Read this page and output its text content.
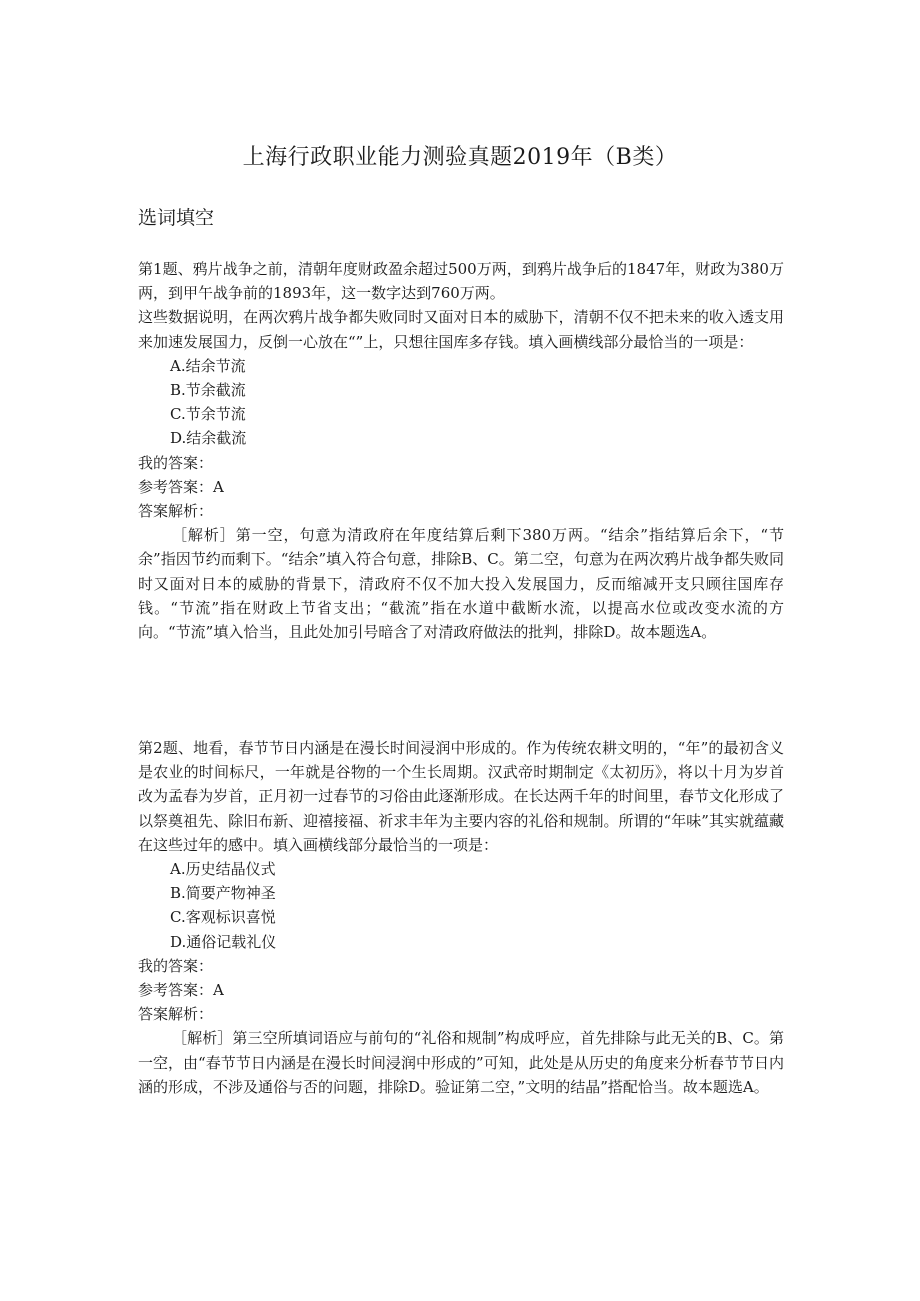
上海行政职业能力测验真题2019年（B类）
选词填空

第1题、鸦片战争之前，清朝年度财政盈余超过500万两，到鸦片战争后的1847年，财政为380万两，到甲午战争前的1893年，这一数字达到760万两。

这些数据说明，在两次鸦片战争都失败同时又面对日本的威胁下，清朝不仅不把未来的收入透支用来加速发展国力，反倒一心放在“”上，只想往国库多存钱。填入画横线部分最恰当的一项是：

A.结余节流
B.节余截流
C.节余节流
D.结余截流

我的答案：

参考答案：A

答案解析：

［解析］第一空，句意为清政府在年度结算后剩下380万两。“结余”指结算后余下，“节余”指因节约而剩下。“结余”填入符合句意，排除B、C。第二空，句意为在两次鸦片战争都失败同时又面对日本的威胁的背景下，清政府不仅不加大投入发展国力，反而缩减开支只顾往国库存钱。“节流”指在财政上节省支出；“截流”指在水道中截断水流，以提高水位或改变水流的方向。“节流”填入恰当，且此处加引号暗含了对清政府做法的批判，排除D。故本题选A。

第2题、地看，春节节日内涵是在漫长时间浸润中形成的。作为传统农耕文明的，“年”的最初含义是农业的时间标尺，一年就是谷物的一个生长周期。汉武帝时期制定《太初历》，将以十月为岁首改为孟春为岁首，正月初一过春节的习俗由此逐渐形成。在长达两千年的时间里，春节文化形成了以祭奠祖先、除旧布新、迎禧接福、祈求丰年为主要内容的礼俗和规制。所谓的“年味”其实就蕴藏在这些过年的感中。填入画横线部分最恰当的一项是：

A.历史结晶仪式
B.简要产物神圣
C.客观标识喜悦
D.通俗记载礼仪

我的答案：

参考答案：A

答案解析：

［解析］第三空所填词语应与前句的“礼俗和规制”构成呼应，首先排除与此无关的B、C。第一空，由“春节节日内涵是在漫长时间浸润中形成的”可知，此处是从历史的角度来分析春节节日内涵的形成，不涉及通俗与否的问题，排除D。验证第二空，”文明的结晶”搭配恰当。故本题选A。
